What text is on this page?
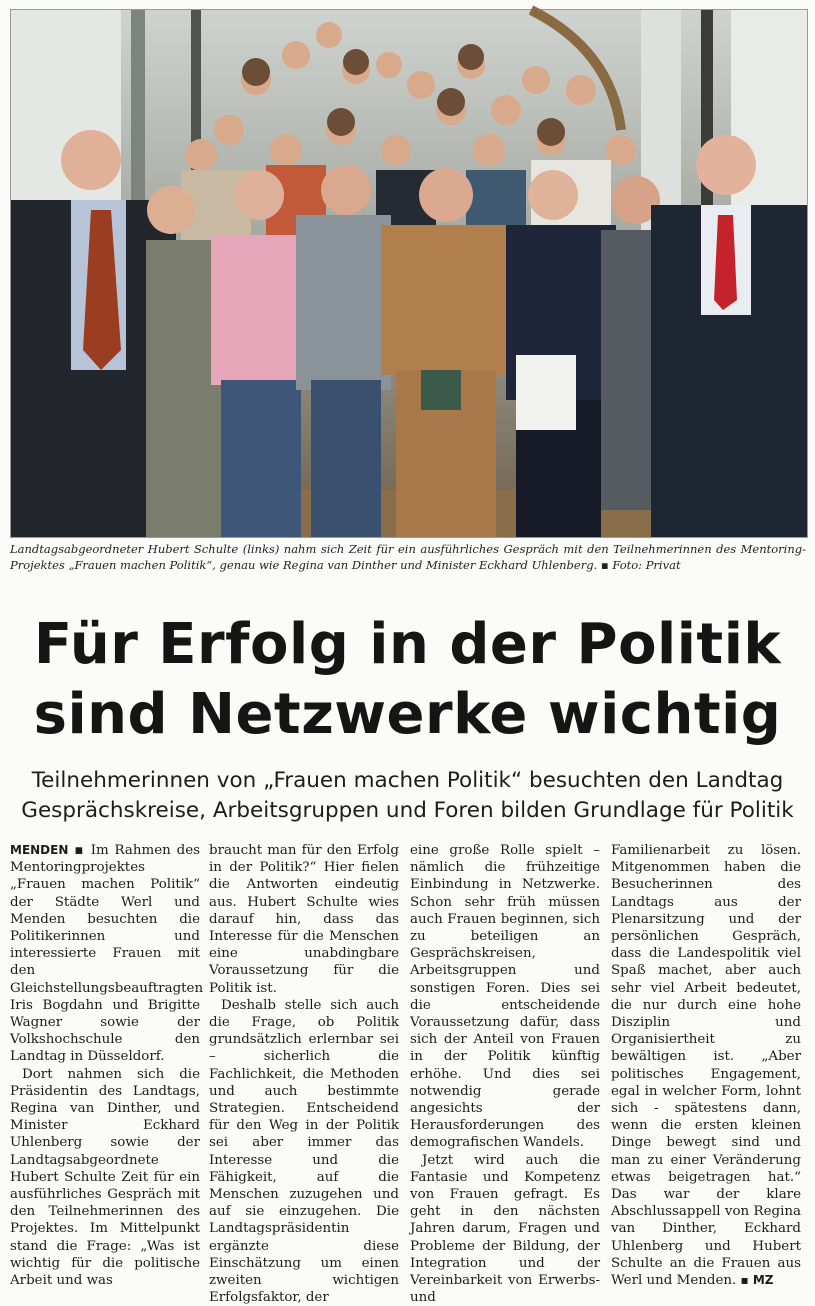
Landtagsabgeordneter Hubert Schulte (links) nahm sich Zeit für ein ausführliches Gespräch mit den Teilnehmerinnen des Mentoring-Projektes „Frauen machen Politik“, genau wie Regina van Dinther und Minister Eckhard Uhlenberg. ▪ Foto: Privat
Für Erfolg in der Politik
sind Netzwerke wichtig
Teilnehmerinnen von „Frauen machen Politik“ besuchten den Landtag
Gesprächskreise, Arbeitsgruppen und Foren bilden Grundlage für Politik

MENDEN ▪ Im Rahmen des Mentoringprojektes „Frauen machen Politik“ der Städte Werl und Menden besuchten die Politikerinnen und interessierte Frauen mit den Gleichstellungsbeauftragten Iris Bogdahn und Brigitte Wagner sowie der Volkshochschule den Landtag in Düsseldorf.

Dort nahmen sich die Präsidentin des Landtags, Regina van Dinther, und Minister Eckhard Uhlenberg sowie der Landtagsabgeordnete Hubert Schulte Zeit für ein ausführliches Gespräch mit den Teilnehmerinnen des Projektes. Im Mittelpunkt stand die Frage: „Was ist wichtig für die politische Arbeit und was

braucht man für den Erfolg in der Politik?“ Hier fielen die Antworten eindeutig aus. Hubert Schulte wies darauf hin, dass das Interesse für die Menschen eine unabdingbare Voraussetzung für die Politik ist.

Deshalb stelle sich auch die Frage, ob Politik grundsätzlich erlernbar sei – sicherlich die Fachlichkeit, die Methoden und auch bestimmte Strategien. Entscheidend für den Weg in der Politik sei aber immer das Interesse und die Fähigkeit, auf die Menschen zuzugehen und auf sie einzugehen. Die Landtagspräsidentin ergänzte diese Einschätzung um einen zweiten wichtigen Erfolgsfaktor, der

eine große Rolle spielt – nämlich die frühzeitige Einbindung in Netzwerke. Schon sehr früh müssen auch Frauen beginnen, sich zu beteiligen an Gesprächskreisen, Arbeitsgruppen und sonstigen Foren. Dies sei die entscheidende Voraussetzung dafür, dass sich der Anteil von Frauen in der Politik künftig erhöhe. Und dies sei notwendig gerade angesichts der Herausforderungen des demografischen Wandels.

Jetzt wird auch die Fantasie und Kompetenz von Frauen gefragt. Es geht in den nächsten Jahren darum, Fragen und Probleme der Bildung, der Integration und der Vereinbarkeit von Erwerbs- und

Familienarbeit zu lösen. Mitgenommen haben die Besucherinnen des Landtags aus der Plenarsitzung und der persönlichen Gespräch, dass die Landespolitik viel Spaß machet, aber auch sehr viel Arbeit bedeutet, die nur durch eine hohe Disziplin und Organisiertheit zu bewältigen ist. „Aber politisches Engagement, egal in welcher Form, lohnt sich - spätestens dann, wenn die ersten kleinen Dinge bewegt sind und man zu einer Veränderung etwas beigetragen hat.“ Das war der klare Abschlussappell von Regina van Dinther, Eckhard Uhlenberg und Hubert Schulte an die Frauen aus Werl und Menden. ▪ MZ
